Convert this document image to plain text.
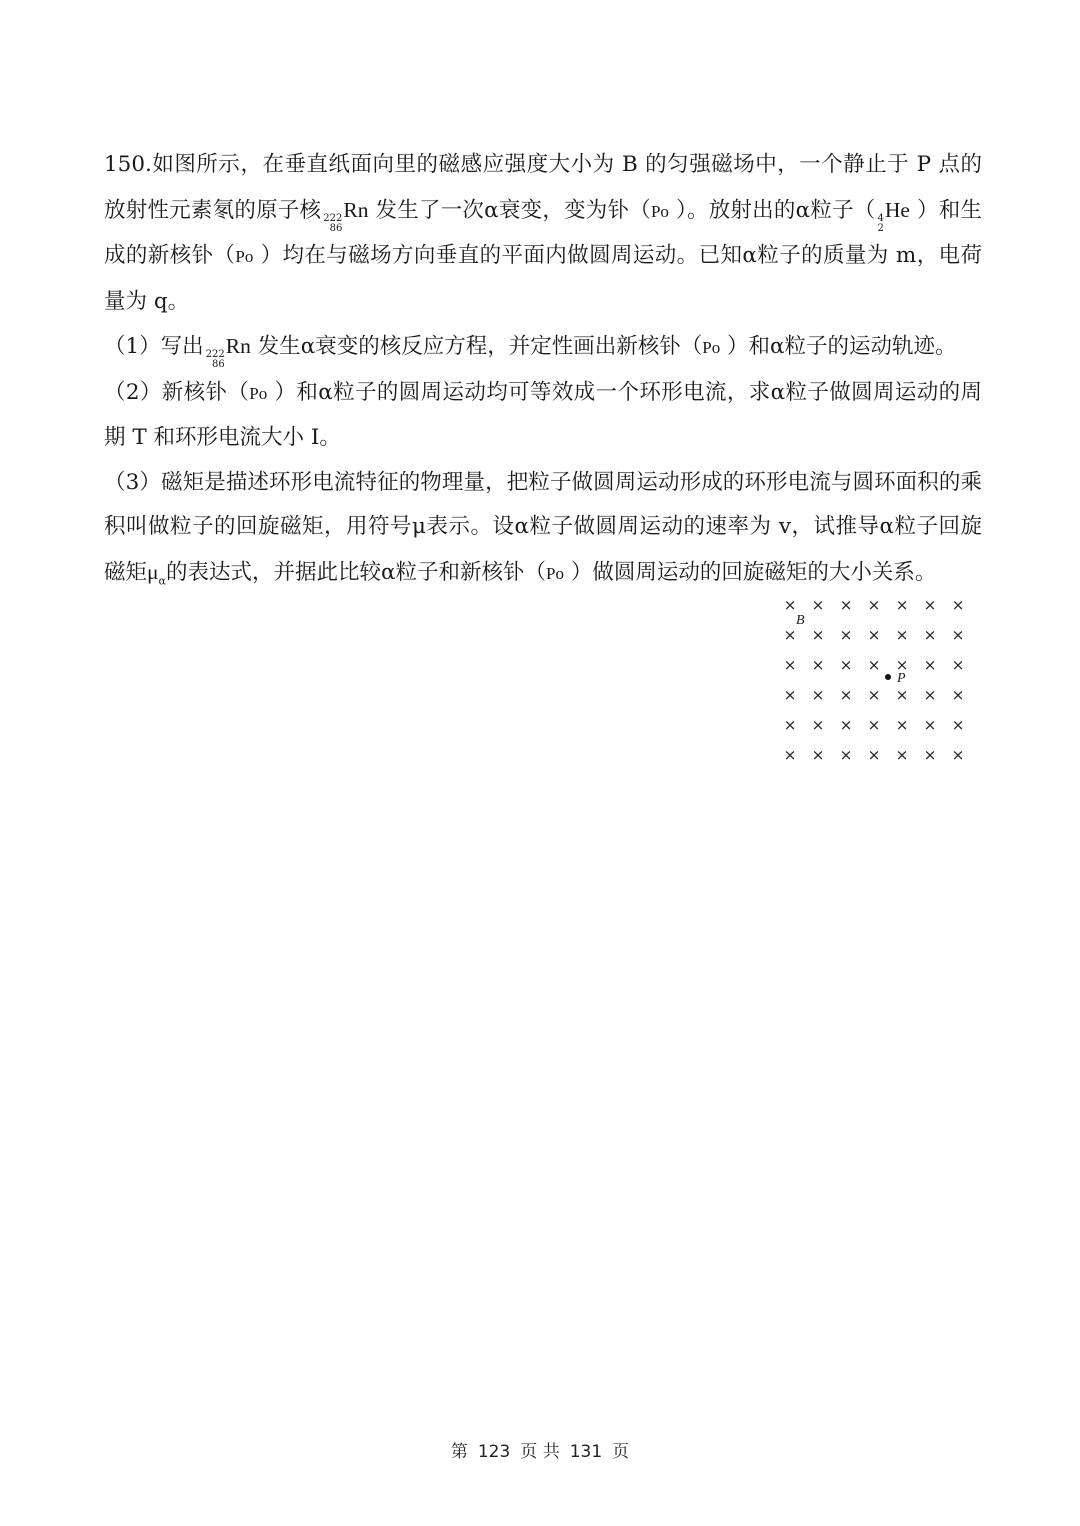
150.如图所示，在垂直纸面向里的磁感应强度大小为 B 的匀强磁场中，一个静止于 P 点的放射性元素氡的原子核 222
86
Rn 发生了一次α衰变，变为钋（Po ）。放射出的α粒子（ 4
2
He ）和生成的新核钋（Po ）均在与磁场方向垂直的平面内做圆周运动。已知α粒子的质量为 m，电荷量为 q。

（1）写出 222
86
Rn 发生α衰变的核反应方程，并定性画出新核钋（Po ）和α粒子的运动轨迹。

（2）新核钋（Po ）和α粒子的圆周运动均可等效成一个环形电流，求α粒子做圆周运动的周期 T 和环形电流大小 I。

（3）磁矩是描述环形电流特征的物理量，把粒子做圆周运动形成的环形电流与圆环面积的乘积叫做粒子的回旋磁矩，用符号μ表示。设α粒子做圆周运动的速率为 v，试推导α粒子回旋磁矩$\mu_\alpha$的表达式，并据此比较α粒子和新核钋（Po ）做圆周运动的回旋磁矩的大小关系。

× × × × × × ×
× × × × × × ×
× × × × × × ×
× × × × × × ×
× × × × × × ×
× × × × × × ×
B
P
第 123 页 共 131 页
